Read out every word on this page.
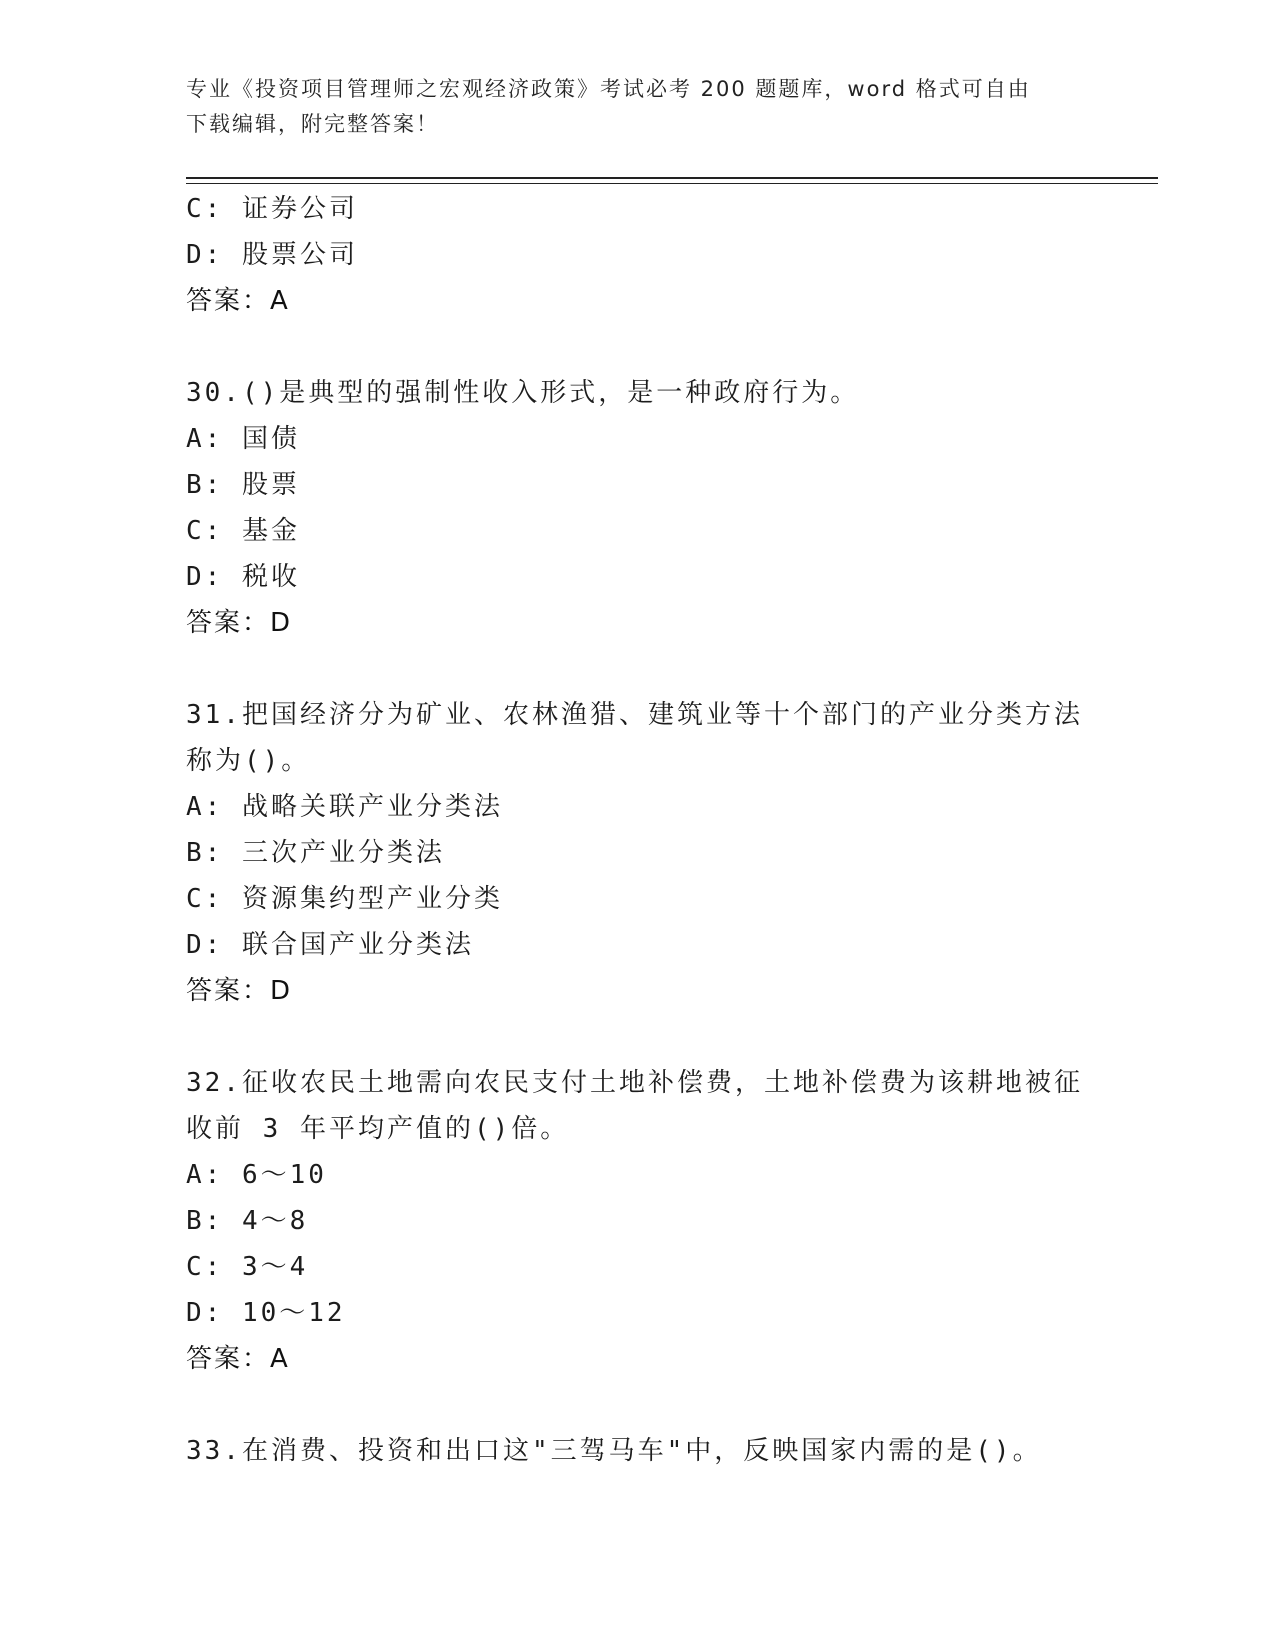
专业《投资项目管理师之宏观经济政策》考试必考 200 题题库，word 格式可自由
下载编辑，附完整答案！
C: 证券公司
D: 股票公司
答案：A
30.()是典型的强制性收入形式，是一种政府行为。
A: 国债
B: 股票
C: 基金
D: 税收
答案：D
31.把国经济分为矿业、农林渔猎、建筑业等十个部门的产业分类方法
称为()。
A: 战略关联产业分类法
B: 三次产业分类法
C: 资源集约型产业分类
D: 联合国产业分类法
答案：D
32.征收农民土地需向农民支付土地补偿费，土地补偿费为该耕地被征
收前 3 年平均产值的()倍。
A: 6～10
B: 4～8
C: 3～4
D: 10～12
答案：A
33.在消费、投资和出口这"三驾马车"中，反映国家内需的是()。
